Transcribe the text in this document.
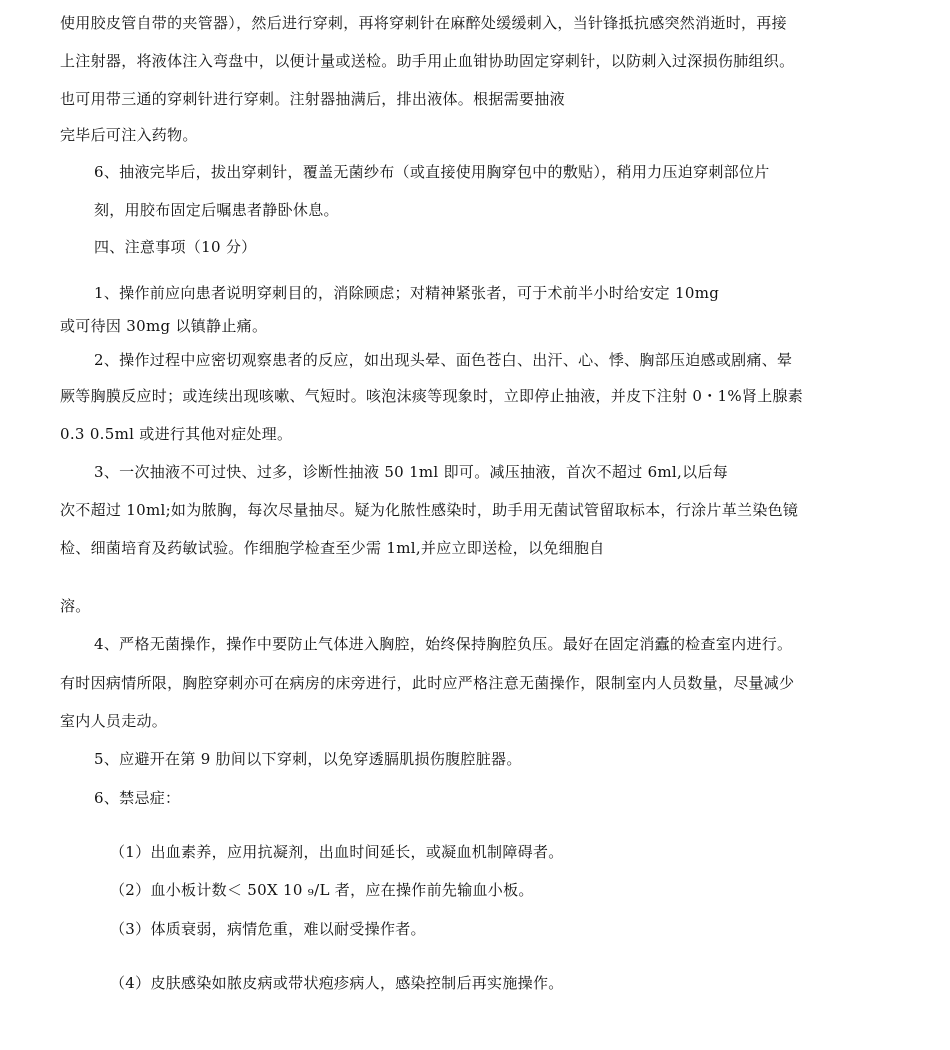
使用胶皮管自带的夹管器），然后进行穿刺，再将穿刺针在麻醉处缓缓刺入，当针锋抵抗感突然消逝时，再接
上注射器，将液体注入弯盘中，以便计量或送检。助手用止血钳协助固定穿刺针，以防刺入过深损伤肺组织。
也可用带三通的穿刺针进行穿刺。注射器抽满后，排出液体。根据需要抽液
完毕后可注入药物。
6、抽液完毕后，拔出穿刺针，覆盖无菌纱布（或直接使用胸穿包中的敷贴），稍用力压迫穿刺部位片
刻，用胶布固定后嘱患者静卧休息。
四、注意事项（10 分）
1、操作前应向患者说明穿刺目的，消除顾虑；对精神紧张者，可于术前半小时给安定 10mg
或可待因 30mg 以镇静止痛。
2、操作过程中应密切观察患者的反应，如出现头晕、面色苍白、出汗、心、悸、胸部压迫感或剧痛、晕
厥等胸膜反应时；或连续出现咳嗽、气短时。咳泡沫痰等现象时，立即停止抽液，并皮下注射 0・1%肾上腺素
0.3 0.5ml 或进行其他对症处理。
3、一次抽液不可过快、过多，诊断性抽液 50 1ml 即可。减压抽液，首次不超过 6ml,以后每
次不超过 10ml;如为脓胸，每次尽量抽尽。疑为化脓性感染时，助手用无菌试管留取标本，行涂片革兰染色镜
检、细菌培育及药敏试验。作细胞学检查至少需 1ml,并应立即送检，以免细胞自
溶。
4、严格无菌操作，操作中要防止气体进入胸腔，始终保持胸腔负压。最好在固定消蠹的检查室内进行。
有时因病情所限，胸腔穿刺亦可在病房的床旁进行，此时应严格注意无菌操作，限制室内人员数量，尽量减少
室内人员走动。
5、应避开在第 9 肋间以下穿刺，以免穿透膈肌损伤腹腔脏器。
6、禁忌症：
（1）出血素养，应用抗凝剂，出血时间延长，或凝血机制障碍者。
（2）血小板计数＜ 50X 10 ₉/L 者，应在操作前先输血小板。
（3）体质衰弱，病情危重，难以耐受操作者。
（4）皮肤感染如脓皮病或带状疱疹病人，感染控制后再实施操作。
